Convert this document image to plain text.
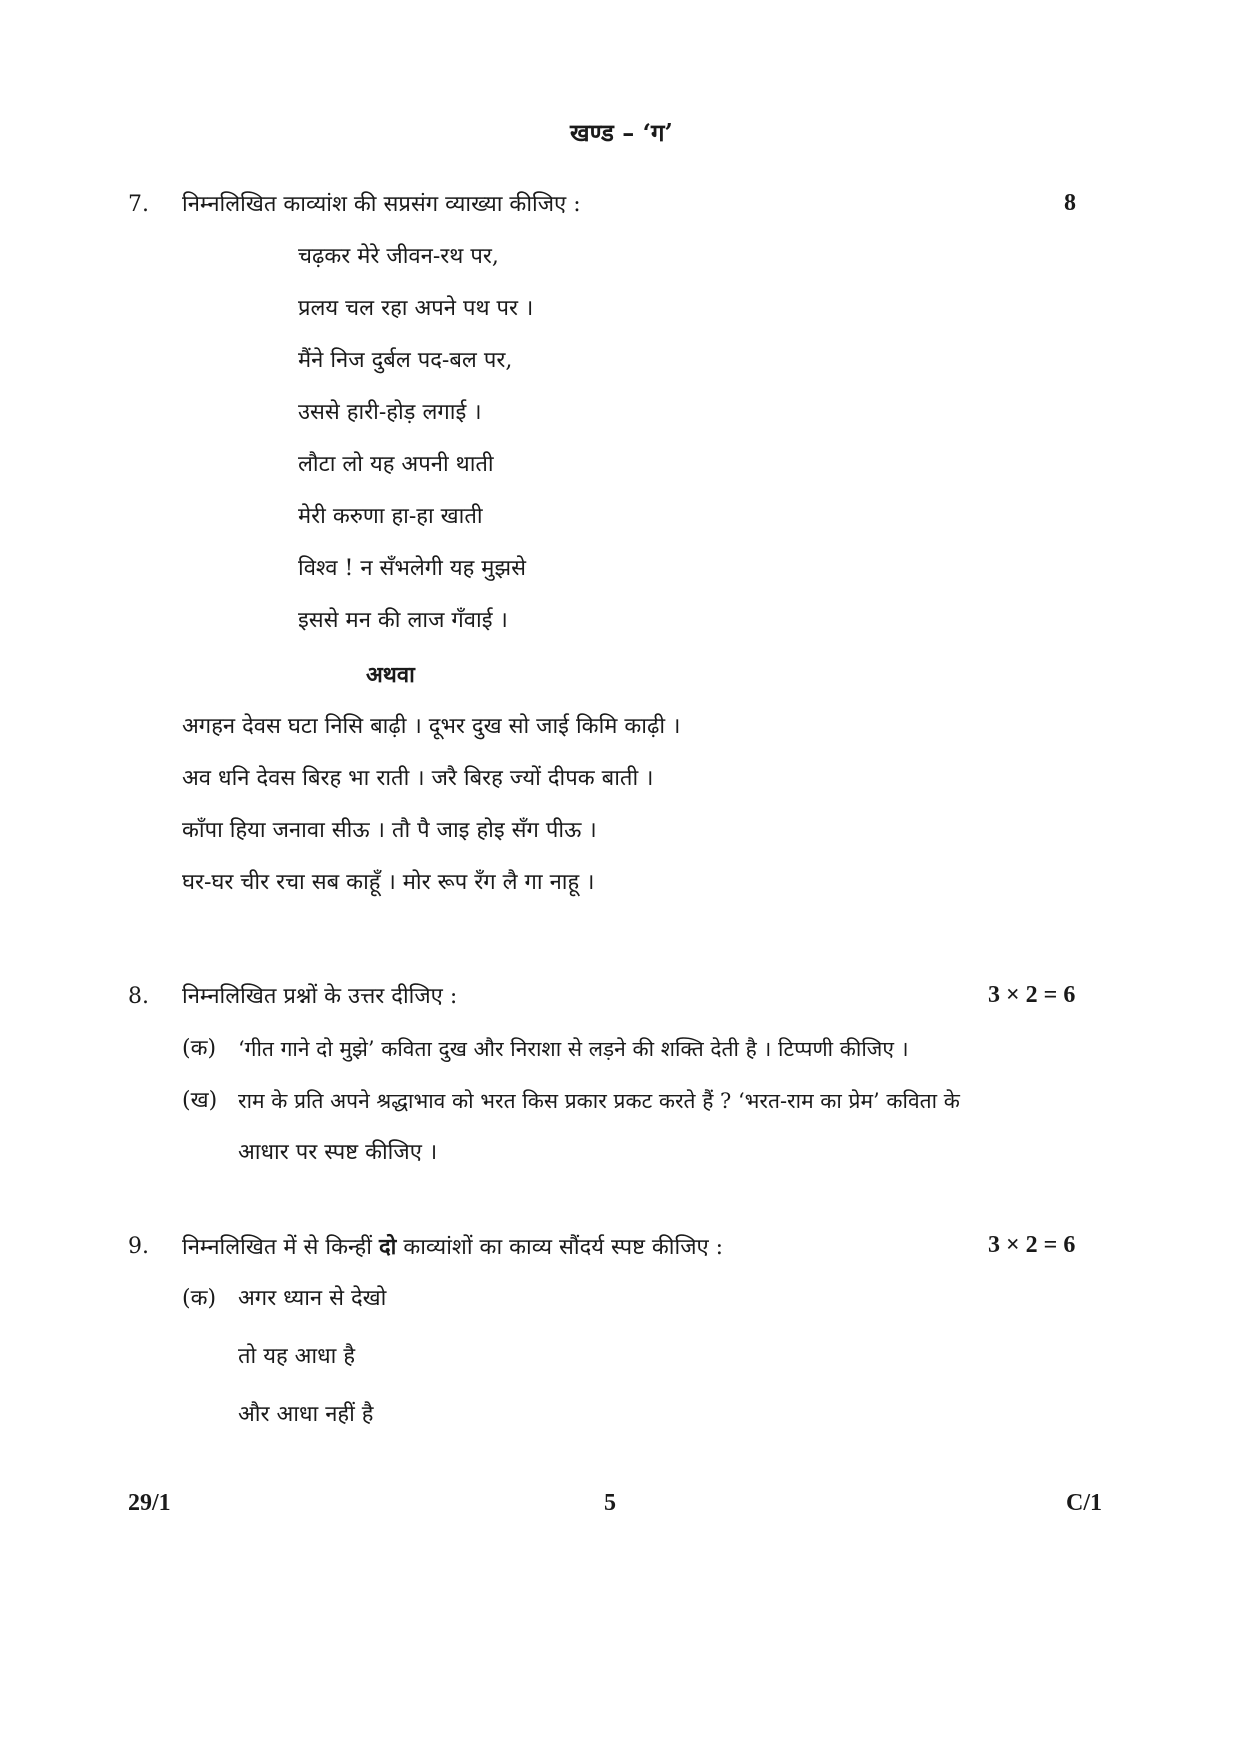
खण्ड – ‘ग’
7. निम्नलिखित काव्यांश की सप्रसंग व्याख्या कीजिए :	8
चढ़कर मेरे जीवन-रथ पर,
प्रलय चल रहा अपने पथ पर ।
मैंने निज दुर्बल पद-बल पर,
उससे हारी-होड़ लगाई ।
लौटा लो यह अपनी थाती
मेरी करुणा हा-हा खाती
विश्व ! न सँभलेगी यह मुझसे
इससे मन की लाज गँवाई ।
अथवा
अगहन देवस घटा निसि बाढ़ी । दूभर दुख सो जाई किमि काढ़ी ।
अव धनि देवस बिरह भा राती । जरै बिरह ज्यों दीपक बाती ।
काँपा हिया जनावा सीऊ । तौ पै जाइ होइ सँग पीऊ ।
घर-घर चीर रचा सब काहूँ । मोर रूप रँग लै गा नाहू ।
8. निम्नलिखित प्रश्नों के उत्तर दीजिए :	3 × 2 = 6
(क) ‘गीत गाने दो मुझे’ कविता दुख और निराशा से लड़ने की शक्ति देती है । टिप्पणी कीजिए ।
(ख) राम के प्रति अपने श्रद्धाभाव को भरत किस प्रकार प्रकट करते हैं ? ‘भरत-राम का प्रेम’ कविता के
आधार पर स्पष्ट कीजिए ।
9. निम्नलिखित में से किन्हीं दो काव्यांशों का काव्य सौंदर्य स्पष्ट कीजिए :	3 × 2 = 6
(क) अगर ध्यान से देखो
तो यह आधा है
और आधा नहीं है
29/1	5	C/1
